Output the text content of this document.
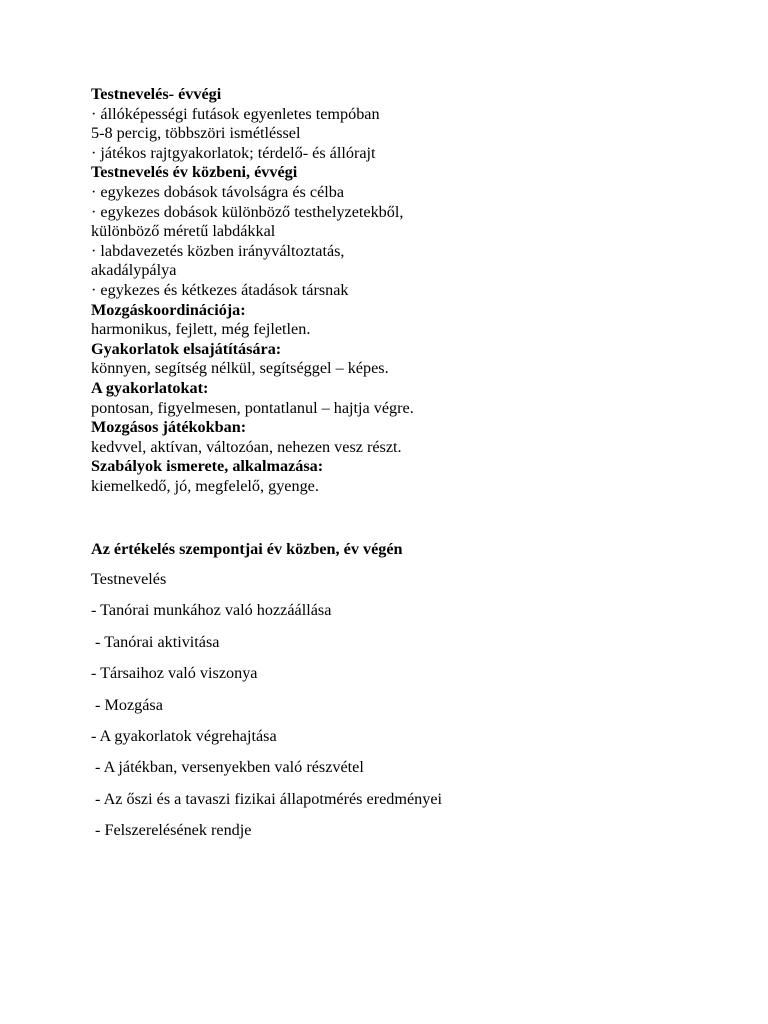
Testnevelés- évvégi
· állóképességi futások egyenletes tempóban
5-8 percig, többszöri ismétléssel
· játékos rajtgyakorlatok; térdelő- és állórajt
Testnevelés év közbeni, évvégi
· egykezes dobások távolságra és célba
· egykezes dobások különböző testhelyzetekből,
különböző méretű labdákkal
· labdavezetés közben irányváltoztatás,
akadálypálya
· egykezes és kétkezes átadások társnak
Mozgáskoordinációja:
harmonikus, fejlett, még fejletlen.
Gyakorlatok elsajátítására:
könnyen, segítség nélkül, segítséggel – képes.
A gyakorlatokat:
pontosan, figyelmesen, pontatlanul – hajtja végre.
Mozgásos játékokban:
kedvvel, aktívan, változóan, nehezen vesz részt.
Szabályok ismerete, alkalmazása:
kiemelkedő, jó, megfelelő, gyenge.
Az értékelés szempontjai év közben, év végén
Testnevelés
- Tanórai munkához való hozzáállása
- Tanórai aktivitása
- Társaihoz való viszonya
- Mozgása
- A gyakorlatok végrehajtása
- A játékban, versenyekben való részvétel
- Az őszi és a tavaszi fizikai állapotmérés eredményei
- Felszerelésének rendje
